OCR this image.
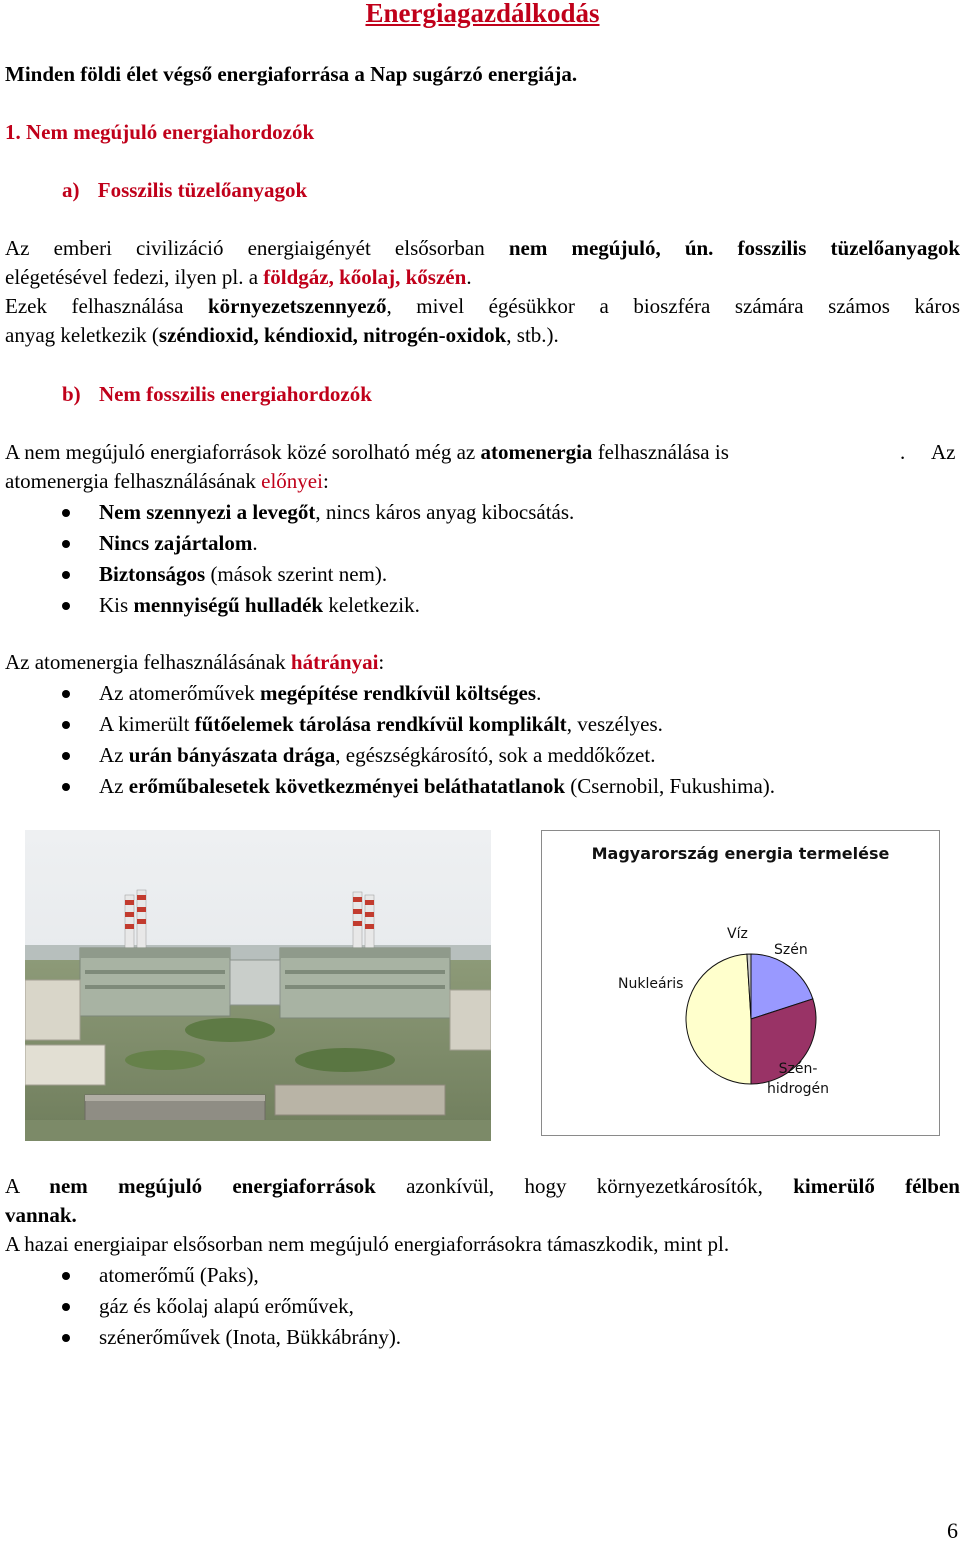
Energiagazdálkodás
Minden földi élet végső energiaforrása a Nap sugárzó energiája.
1. Nem megújuló energiahordozók
a) Fosszilis tüzelőanyagok
Az emberi civilizáció energiaigényét elsősorban nem megújuló, ún. fosszilis tüzelőanyagok
elégetésével fedezi, ilyen pl. a földgáz, kőolaj, kőszén.
Ezek felhasználása környezetszennyező, mivel égésükkor a bioszféra számára számos káros
anyag keletkezik (széndioxid, kéndioxid, nitrogén-oxidok, stb.).
b) Nem fosszilis energiahordozók
A nem megújuló energiaforrások közé sorolható még az atomenergia felhasználása is	. Az
atomenergia felhasználásának előnyei:
Nem szennyezi a levegőt, nincs káros anyag kibocsátás.
Nincs zajártalom.
Biztonságos (mások szerint nem).
Kis mennyiségű hulladék keletkezik.
Az atomenergia felhasználásának hátrányai:
Az atomerőművek megépítése rendkívül költséges.
A kimerült fűtőelemek tárolása rendkívül komplikált, veszélyes.
Az urán bányászata drága, egészségkárosító, sok a meddőkőzet.
Az erőműbalesetek következményei beláthatatlanok (Csernobil, Fukushima).
Magyarország energia termelése
Szén
Szén-
hidrogén
Nukleáris
Víz
A nem megújuló energiaforrások azonkívül, hogy környezetkárosítók, kimerülő félben
vannak.
A hazai energiaipar elsősorban nem megújuló energiaforrásokra támaszkodik, mint pl.
atomerőmű (Paks),
gáz és kőolaj alapú erőművek,
szénerőművek (Inota, Bükkábrány).
6
